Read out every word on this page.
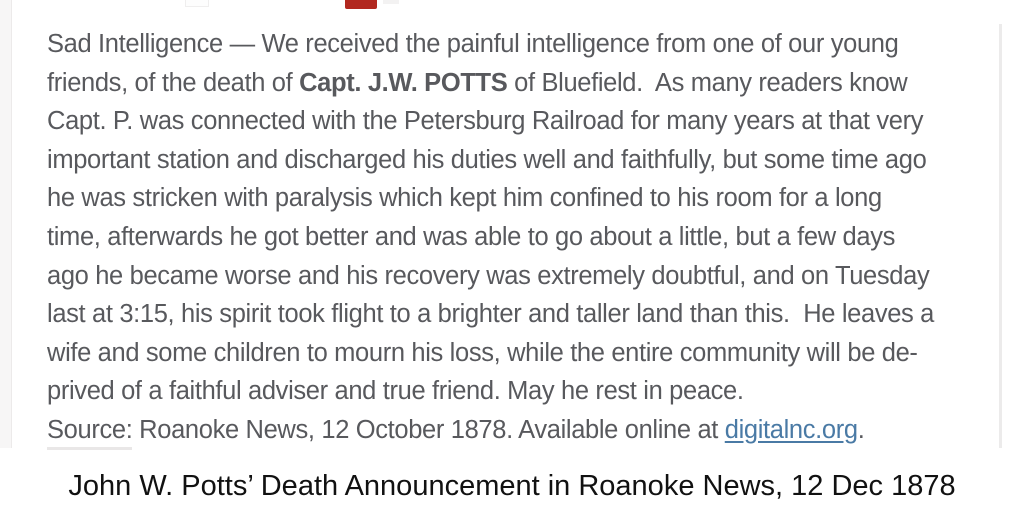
Sad Intelligence — We received the painful intelligence from one of our young
friends, of the death of Capt. J.W. POTTS of Bluefield.  As many readers know
Capt. P. was connected with the Petersburg Railroad for many years at that very
important station and discharged his duties well and faithfully, but some time ago
he was stricken with paralysis which kept him confined to his room for a long
time, afterwards he got better and was able to go about a little, but a few days
ago he became worse and his recovery was extremely doubtful, and on Tuesday
last at 3:15, his spirit took flight to a brighter and taller land than this.  He leaves a
wife and some children to mourn his loss, while the entire community will be de-
prived of a faithful adviser and true friend. May he rest in peace.
Source: Roanoke News, 12 October 1878. Available online at digitalnc.org.
John W. Potts’ Death Announcement in Roanoke News, 12 Dec 1878
